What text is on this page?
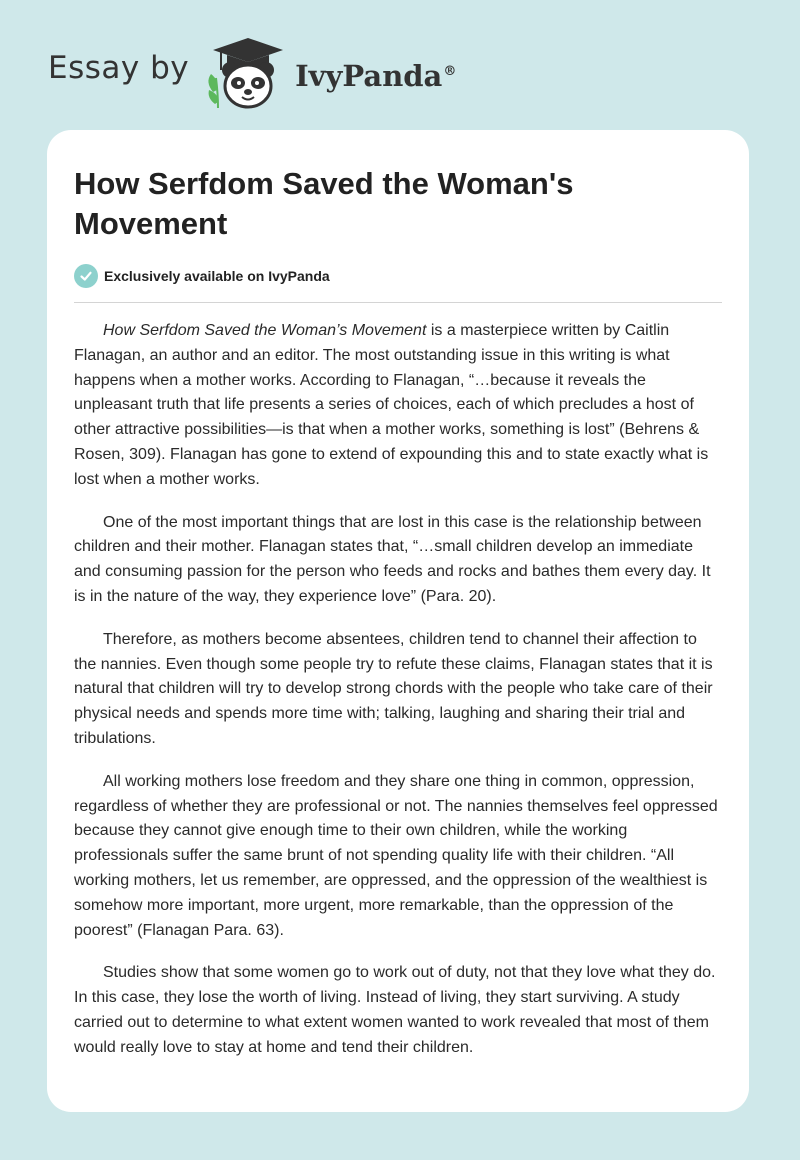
Essay by	IvyPanda®
How Serfdom Saved the Woman's Movement
Exclusively available on IvyPanda

How Serfdom Saved the Woman’s Movement is a masterpiece written by Caitlin Flanagan, an author and an editor. The most outstanding issue in this writing is what happens when a mother works. According to Flanagan, “…because it reveals the unpleasant truth that life presents a series of choices, each of which precludes a host of other attractive possibilities—is that when a mother works, something is lost” (Behrens & Rosen, 309). Flanagan has gone to extend of expounding this and to state exactly what is lost when a mother works.

One of the most important things that are lost in this case is the relationship between children and their mother. Flanagan states that, “…small children develop an immediate and consuming passion for the person who feeds and rocks and bathes them every day. It is in the nature of the way, they experience love” (Para. 20).

Therefore, as mothers become absentees, children tend to channel their affection to the nannies. Even though some people try to refute these claims, Flanagan states that it is natural that children will try to develop strong chords with the people who take care of their physical needs and spends more time with; talking, laughing and sharing their trial and tribulations.

All working mothers lose freedom and they share one thing in common, oppression, regardless of whether they are professional or not. The nannies themselves feel oppressed because they cannot give enough time to their own children, while the working professionals suffer the same brunt of not spending quality life with their children. “All working mothers, let us remember, are oppressed, and the oppression of the wealthiest is somehow more important, more urgent, more remarkable, than the oppression of the poorest” (Flanagan Para. 63).

Studies show that some women go to work out of duty, not that they love what they do. In this case, they lose the worth of living. Instead of living, they start surviving. A study carried out to determine to what extent women wanted to work revealed that most of them would really love to stay at home and tend their children.
